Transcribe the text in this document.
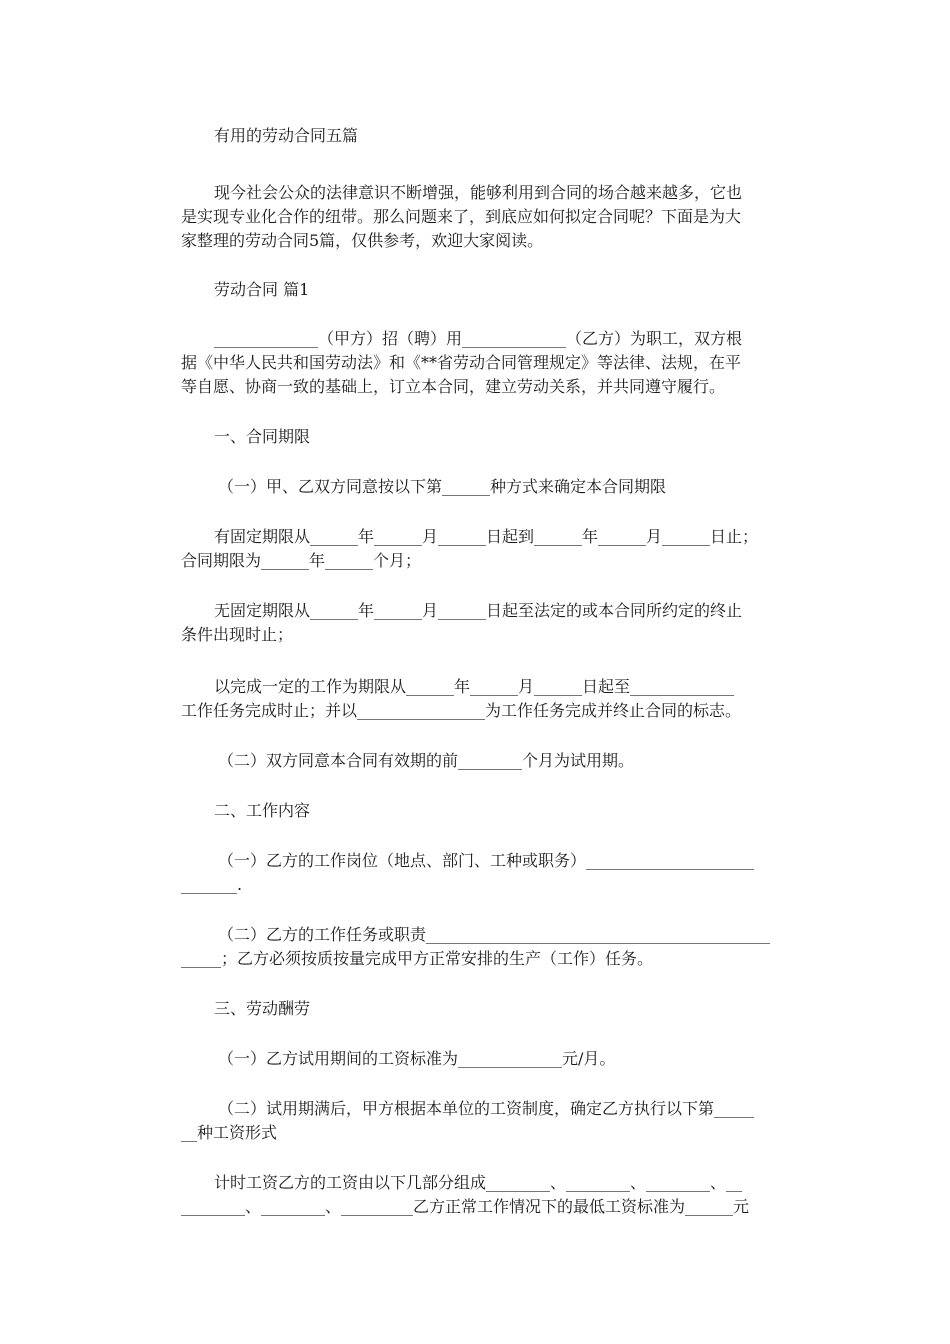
有用的劳动合同五篇
现今社会公众的法律意识不断增强，能够利用到合同的场合越来越多，它也
是实现专业化合作的纽带。那么问题来了，到底应如何拟定合同呢？下面是为大
家整理的劳动合同5篇，仅供参考，欢迎大家阅读。
劳动合同 篇1
_____________（甲方）招（聘）用_____________（乙方）为职工，双方根
据《中华人民共和国劳动法》和《**省劳动合同管理规定》等法律、法规，在平
等自愿、协商一致的基础上，订立本合同，建立劳动关系，并共同遵守履行。
一、合同期限
（一）甲、乙双方同意按以下第______种方式来确定本合同期限
有固定期限从______年______月______日起到______年______月______日止；
合同期限为______年______个月；
无固定期限从______年______月______日起至法定的或本合同所约定的终止
条件出现时止；
以完成一定的工作为期限从______年______月______日起至_____________
工作任务完成时止；并以________________为工作任务完成并终止合同的标志。
（二）双方同意本合同有效期的前________个月为试用期。
二、工作内容
（一）乙方的工作岗位（地点、部门、工种或职务）_____________________
_______.
（二）乙方的工作任务或职责___________________________________________
_____；乙方必须按质按量完成甲方正常安排的生产（工作）任务。
三、劳动酬劳
（一）乙方试用期间的工资标准为_____________元/月。
（二）试用期满后，甲方根据本单位的工资制度，确定乙方执行以下第_____
__种工资形式
计时工资乙方的工资由以下几部分组成________、________、________、__
________、________、_________乙方正常工作情况下的最低工资标准为______元
